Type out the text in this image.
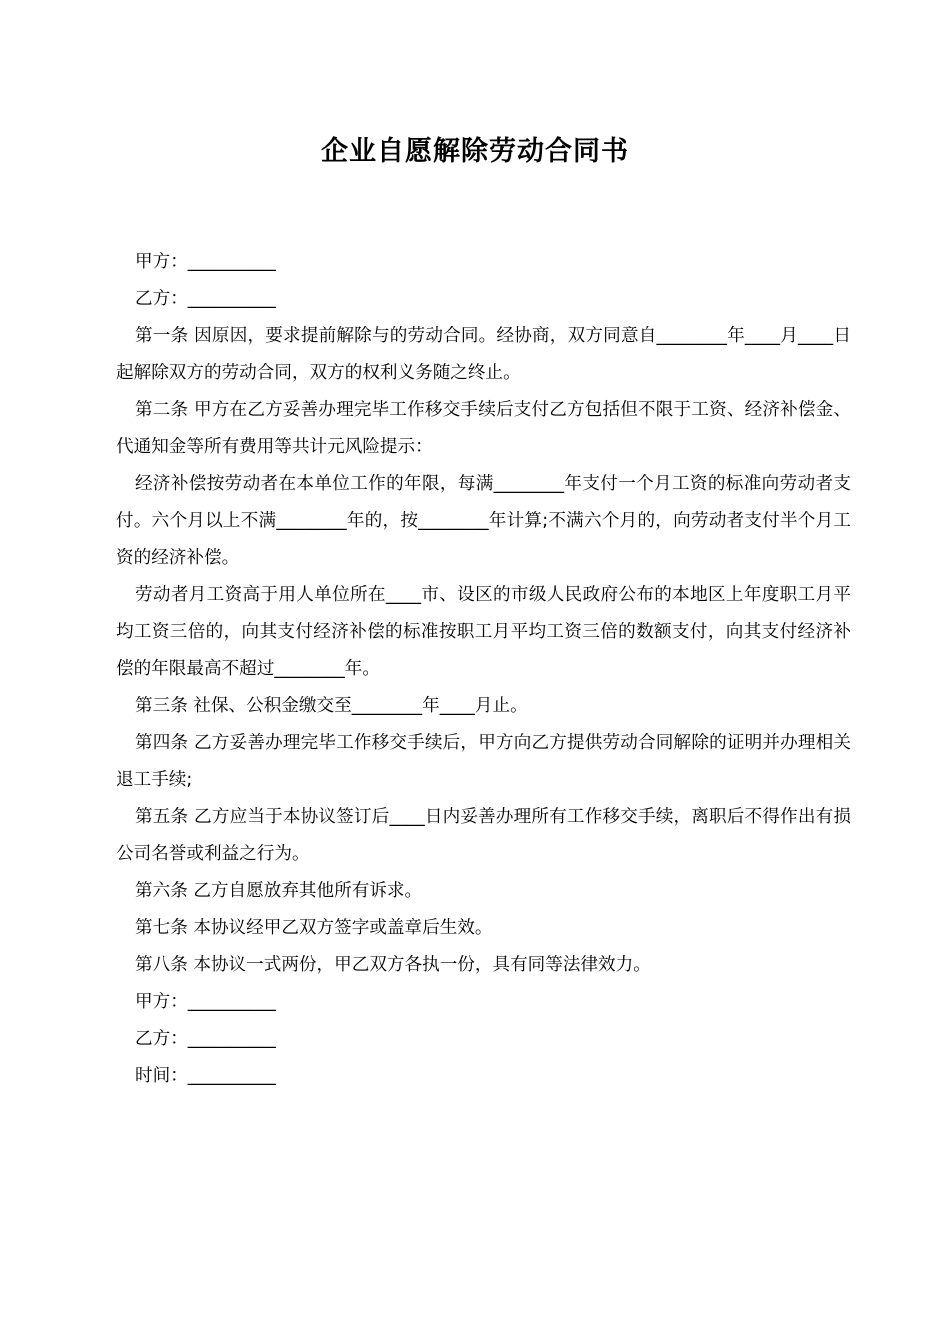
企业自愿解除劳动合同书

甲方：__________

乙方：__________

第一条 因原因，要求提前解除与的劳动合同。经协商，双方同意自________年____月____日起解除双方的劳动合同，双方的权利义务随之终止。

第二条 甲方在乙方妥善办理完毕工作移交手续后支付乙方包括但不限于工资、经济补偿金、代通知金等所有费用等共计元风险提示：

经济补偿按劳动者在本单位工作的年限，每满________年支付一个月工资的标准向劳动者支付。六个月以上不满________年的，按________年计算;不满六个月的，向劳动者支付半个月工资的经济补偿。

劳动者月工资高于用人单位所在____市、设区的市级人民政府公布的本地区上年度职工月平均工资三倍的，向其支付经济补偿的标准按职工月平均工资三倍的数额支付，向其支付经济补偿的年限最高不超过________年。

第三条 社保、公积金缴交至________年____月止。

第四条 乙方妥善办理完毕工作移交手续后，甲方向乙方提供劳动合同解除的证明并办理相关退工手续;

第五条 乙方应当于本协议签订后____日内妥善办理所有工作移交手续，离职后不得作出有损公司名誉或利益之行为。

第六条 乙方自愿放弃其他所有诉求。

第七条 本协议经甲乙双方签字或盖章后生效。

第八条 本协议一式两份，甲乙双方各执一份，具有同等法律效力。

甲方：__________

乙方：__________

时间：__________
